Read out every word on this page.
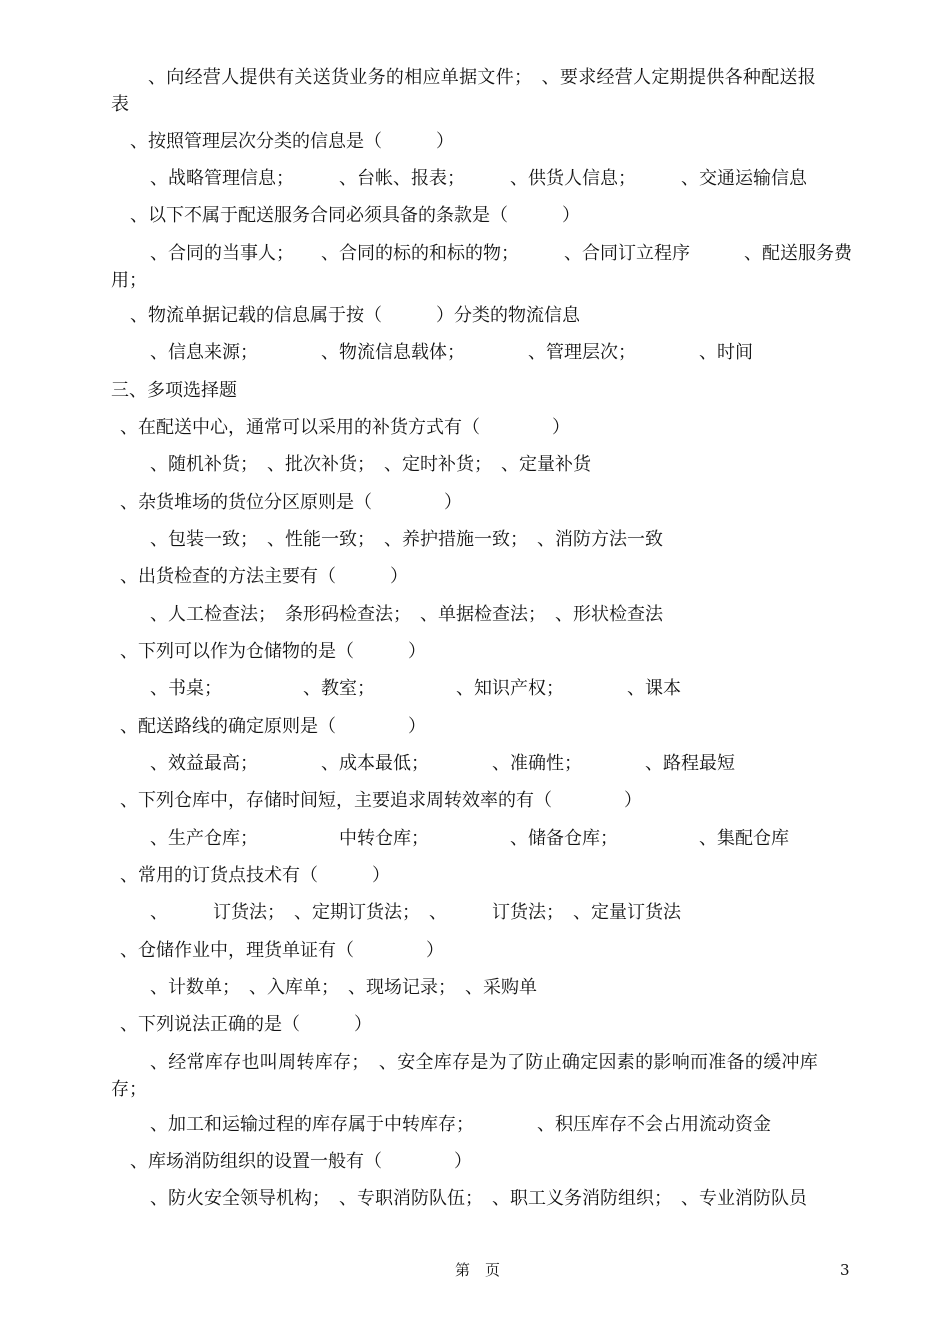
、向经营人提供有关送货业务的相应单据文件；　、要求经营人定期提供各种配送报
表
、按照管理层次分类的信息是（　　　）
、战略管理信息；　　　、台帐、报表；　　　、供货人信息；　　　、交通运输信息
、以下不属于配送服务合同必须具备的条款是（　　　）
、合同的当事人；　　、合同的标的和标的物；　　　、合同订立程序　　　、配送服务费
用；
、物流单据记载的信息属于按（　　　）分类的物流信息
、信息来源；　　　　、物流信息载体；　　　　、管理层次；　　　　、时间
三、多项选择题
、在配送中心，通常可以采用的补货方式有（　　　　）
、随机补货；　、批次补货；　、定时补货；　、定量补货
、杂货堆场的货位分区原则是（　　　　）
、包装一致；　、性能一致；　、养护措施一致；　、消防方法一致
、出货检查的方法主要有（　　　）
、人工检查法；　条形码检查法；　、单据检查法；　、形状检查法
、下列可以作为仓储物的是（　　　）
、书桌；　　　　　、教室；　　　　　、知识产权；　　　　、课本
、配送路线的确定原则是（　　　　）
、效益最高；　　　　、成本最低；　　　　、准确性；　　　　、路程最短
、下列仓库中，存储时间短，主要追求周转效率的有（　　　　）
、生产仓库；　　　　　中转仓库；　　　　　、储备仓库；　　　　　、集配仓库
、常用的订货点技术有（　　　）
、　　　订货法；　、定期订货法；　、　　　订货法；　、定量订货法
、仓储作业中，理货单证有（　　　　）
、计数单；　、入库单；　、现场记录；　、采购单
、下列说法正确的是（　　　）
、经常库存也叫周转库存；　、安全库存是为了防止确定因素的影响而准备的缓冲库
存；
、加工和运输过程的库存属于中转库存；　　　　、积压库存不会占用流动资金
、库场消防组织的设置一般有（　　　　）
、防火安全领导机构；　、专职消防队伍；　、职工义务消防组织；　、专业消防队员
第 页	3
